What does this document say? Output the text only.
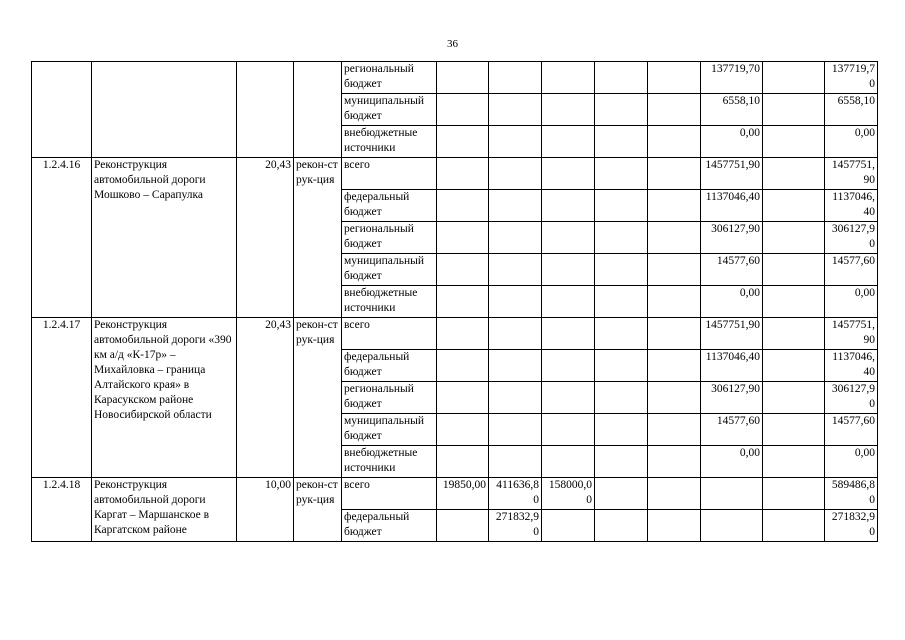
36
				региональный бюджет						137719,70		137719,70
				муниципальный бюджет						6558,10		6558,10
				внебюджетные источники						0,00		0,00
1.2.4.16	Реконструкция автомобильной дороги Мошково – Сарапулка	20,43	рекон-струк-ция	всего						1457751,90		1457751,90
				федеральный бюджет						1137046,40		1137046,40
				региональный бюджет						306127,90		306127,90
				муниципальный бюджет						14577,60		14577,60
				внебюджетные источники						0,00		0,00
1.2.4.17	Реконструкция автомобильной дороги «390 км а/д «К-17р» – Михайловка – граница Алтайского края» в Карасукском районе Новосибирской области	20,43	рекон-струк-ция	всего						1457751,90		1457751,90
				федеральный бюджет						1137046,40		1137046,40
				региональный бюджет						306127,90		306127,90
				муниципальный бюджет						14577,60		14577,60
				внебюджетные источники						0,00		0,00
1.2.4.18	Реконструкция автомобильной дороги Каргат – Маршанское в Каргатском районе	10,00	рекон-струк-ция	всего	19850,00	411636,80	158000,00					589486,80
				федеральный бюджет		271832,90						271832,90
